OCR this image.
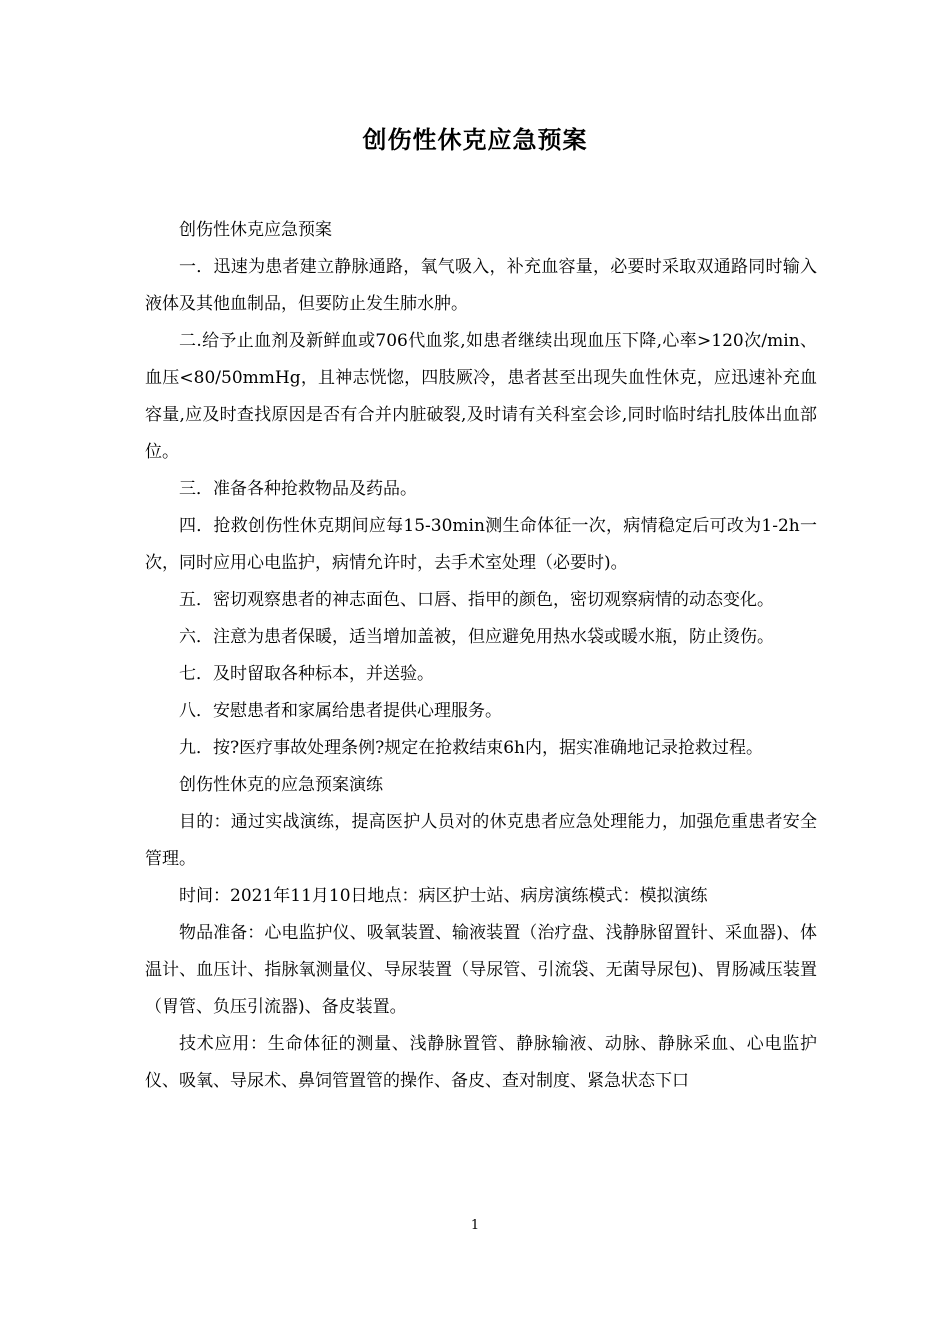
创伤性休克应急预案

创伤性休克应急预案

一．迅速为患者建立静脉通路，氧气吸入，补充血容量，必要时采取双通路同时输入液体及其他血制品，但要防止发生肺水肿。

二.给予止血剂及新鲜血或706代血浆,如患者继续出现血压下降,心率>120次/min、血压<80/50mmHg，且神志恍惚，四肢厥冷，患者甚至出现失血性休克，应迅速补充血容量,应及时查找原因是否有合并内脏破裂,及时请有关科室会诊,同时临时结扎肢体出血部位。

三．准备各种抢救物品及药品。

四．抢救创伤性休克期间应每15-30min测生命体征一次，病情稳定后可改为1-2h一次，同时应用心电监护，病情允许时，去手术室处理（必要时)。

五．密切观察患者的神志面色、口唇、指甲的颜色，密切观察病情的动态变化。

六．注意为患者保暖，适当增加盖被，但应避免用热水袋或暖水瓶，防止烫伤。

七．及时留取各种标本，并送验。

八．安慰患者和家属给患者提供心理服务。

九．按?医疗事故处理条例?规定在抢救结束6h内，据实准确地记录抢救过程。

创伤性休克的应急预案演练

目的：通过实战演练，提高医护人员对的休克患者应急处理能力，加强危重患者安全管理。

时间：2021年11月10日地点：病区护士站、病房演练模式：模拟演练

物品准备：心电监护仪、吸氧装置、输液装置（治疗盘、浅静脉留置针、采血器)、体温计、血压计、指脉氧测量仪、导尿装置（导尿管、引流袋、无菌导尿包)、胃肠减压装置（胃管、负压引流器)、备皮装置。

技术应用：生命体征的测量、浅静脉置管、静脉输液、动脉、静脉采血、心电监护仪、吸氧、导尿术、鼻饲管置管的操作、备皮、查对制度、紧急状态下口

1
